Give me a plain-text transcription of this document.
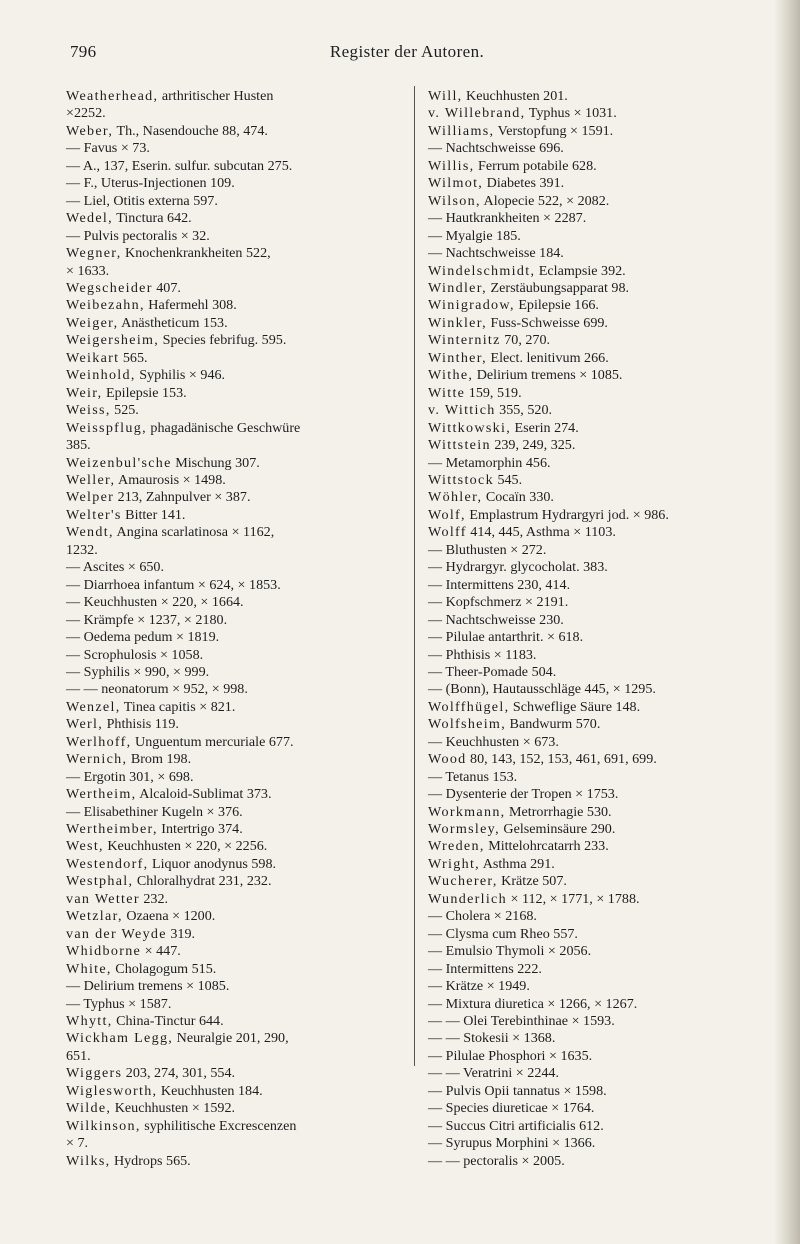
796	Register der Autoren.

Weatherhead, arthritischer Husten

×2252.

Weber, Th., Nasendouche 88, 474.

— Favus × 73.

— A., 137, Eserin. sulfur. subcutan 275.

— F., Uterus-Injectionen 109.

— Liel, Otitis externa 597.

Wedel, Tinctura 642.

— Pulvis pectoralis × 32.

Wegner, Knochenkrankheiten 522,

× 1633.

Wegscheider 407.

Weibezahn, Hafermehl 308.

Weiger, Anästheticum 153.

Weigersheim, Species febrifug. 595.

Weikart 565.

Weinhold, Syphilis × 946.

Weir, Epilepsie 153.

Weiss, 525.

Weisspflug, phagadänische Geschwüre

385.

Weizenbul'sche Mischung 307.

Weller, Amaurosis × 1498.

Welper 213, Zahnpulver × 387.

Welter's Bitter 141.

Wendt, Angina scarlatinosa × 1162,

1232.

— Ascites × 650.

— Diarrhoea infantum × 624, × 1853.

— Keuchhusten × 220, × 1664.

— Krämpfe × 1237, × 2180.

— Oedema pedum × 1819.

— Scrophulosis × 1058.

— Syphilis × 990, × 999.

— — neonatorum × 952, × 998.

Wenzel, Tinea capitis × 821.

Werl, Phthisis 119.

Werlhoff, Unguentum mercuriale 677.

Wernich, Brom 198.

— Ergotin 301, × 698.

Wertheim, Alcaloid-Sublimat 373.

— Elisabethiner Kugeln × 376.

Wertheimber, Intertrigo 374.

West, Keuchhusten × 220, × 2256.

Westendorf, Liquor anodynus 598.

Westphal, Chloralhydrat 231, 232.

van Wetter 232.

Wetzlar, Ozaena × 1200.

van der Weyde 319.

Whidborne × 447.

White, Cholagogum 515.

— Delirium tremens × 1085.

— Typhus × 1587.

Whytt, China-Tinctur 644.

Wickham Legg, Neuralgie 201, 290,

651.

Wiggers 203, 274, 301, 554.

Wiglesworth, Keuchhusten 184.

Wilde, Keuchhusten × 1592.

Wilkinson, syphilitische Excrescenzen

× 7.

Wilks, Hydrops 565.

Will, Keuchhusten 201.

v. Willebrand, Typhus × 1031.

Williams, Verstopfung × 1591.

— Nachtschweisse 696.

Willis, Ferrum potabile 628.

Wilmot, Diabetes 391.

Wilson, Alopecie 522, × 2082.

— Hautkrankheiten × 2287.

— Myalgie 185.

— Nachtschweisse 184.

Windelschmidt, Eclampsie 392.

Windler, Zerstäubungsapparat 98.

Winigradow, Epilepsie 166.

Winkler, Fuss-Schweisse 699.

Winternitz 70, 270.

Winther, Elect. lenitivum 266.

Withe, Delirium tremens × 1085.

Witte 159, 519.

v. Wittich 355, 520.

Wittkowski, Eserin 274.

Wittstein 239, 249, 325.

— Metamorphin 456.

Wittstock 545.

Wöhler, Cocaïn 330.

Wolf, Emplastrum Hydrargyri jod. × 986.

Wolff 414, 445, Asthma × 1103.

— Bluthusten × 272.

— Hydrargyr. glycocholat. 383.

— Intermittens 230, 414.

— Kopfschmerz × 2191.

— Nachtschweisse 230.

— Pilulae antarthrit. × 618.

— Phthisis × 1183.

— Theer-Pomade 504.

— (Bonn), Hautausschläge 445, × 1295.

Wolffhügel, Schwefligе Säure 148.

Wolfsheim, Bandwurm 570.

— Keuchhusten × 673.

Wood 80, 143, 152, 153, 461, 691, 699.

— Tetanus 153.

— Dysenterie der Tropen × 1753.

Workmann, Metrorrhagie 530.

Wormsley, Gelseminsäure 290.

Wreden, Mittelohrcatarrh 233.

Wright, Asthma 291.

Wucherer, Krätze 507.

Wunderlich × 112, × 1771, × 1788.

— Cholera × 2168.

— Clysma cum Rheo 557.

— Emulsio Thymoli × 2056.

— Intermittens 222.

— Krätze × 1949.

— Mixtura diuretica × 1266, × 1267.

— — Olei Terebinthinae × 1593.

— — Stokesii × 1368.

— Pilulae Phosphori × 1635.

— — Veratrini × 2244.

— Pulvis Opii tannatus × 1598.

— Species diureticae × 1764.

— Succus Citri artificialis 612.

— Syrupus Morphini × 1366.

— — pectoralis × 2005.
